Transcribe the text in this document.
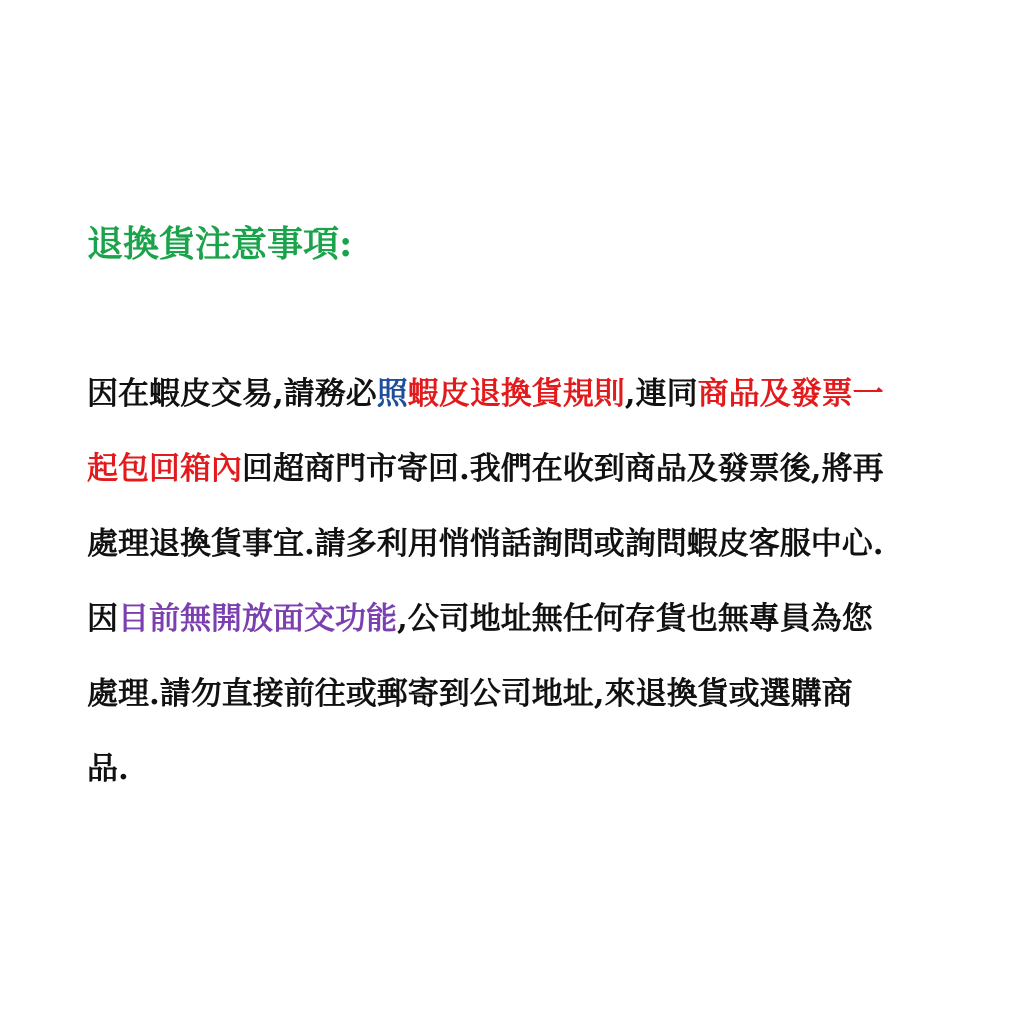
退換貨注意事項:
因在蝦皮交易,請務必照蝦皮退換貨規則,連同商品及發票一
起包回箱內回超商門市寄回.我們在收到商品及發票後,將再
處理退換貨事宜.請多利用悄悄話詢問或詢問蝦皮客服中心.
因目前無開放面交功能,公司地址無任何存貨也無專員為您
處理.請勿直接前往或郵寄到公司地址,來退換貨或選購商
品.
